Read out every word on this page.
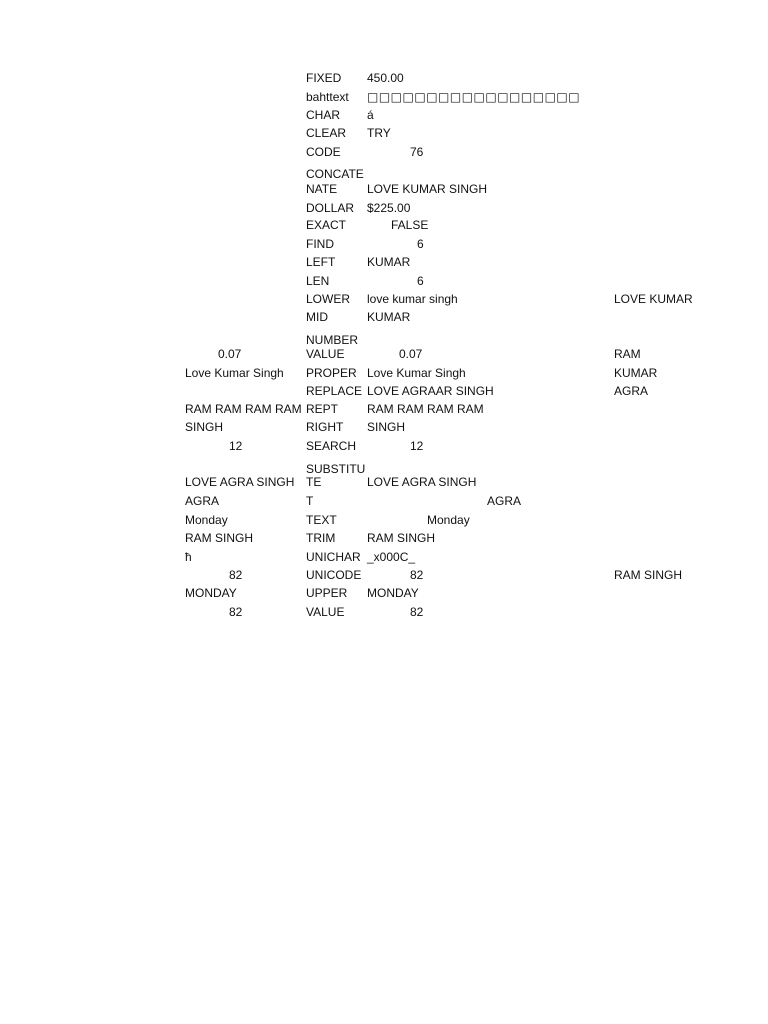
0.07
Love Kumar Singh
RAM RAM RAM RAM
SINGH
12
LOVE AGRA SINGH
AGRA
Monday
RAM SINGH
ħ
82
MONDAY
82
FIXED
bahttext
CHAR
CLEAR
CODE
CONCATE
NATE
DOLLAR
EXACT
FIND
LEFT
LEN
LOWER
MID
NUMBER
VALUE
PROPER
REPLACE
REPT
RIGHT
SEARCH
SUBSTITU
TE
T
TEXT
TRIM
UNICHAR
UNICODE
UPPER
VALUE
450.00
□□□□□□□□□□□□□□□□□□
á
TRY
76
LOVE KUMAR SINGH
$225.00
FALSE
6
KUMAR
6
love kumar singh
KUMAR
0.07
Love Kumar Singh
LOVE AGRAAR SINGH
RAM RAM RAM RAM
SINGH
12
LOVE AGRA SINGH
AGRA
Monday
RAM SINGH
_x000C_
82
MONDAY
82
LOVE KUMAR
RAM
KUMAR
AGRA
RAM SINGH
